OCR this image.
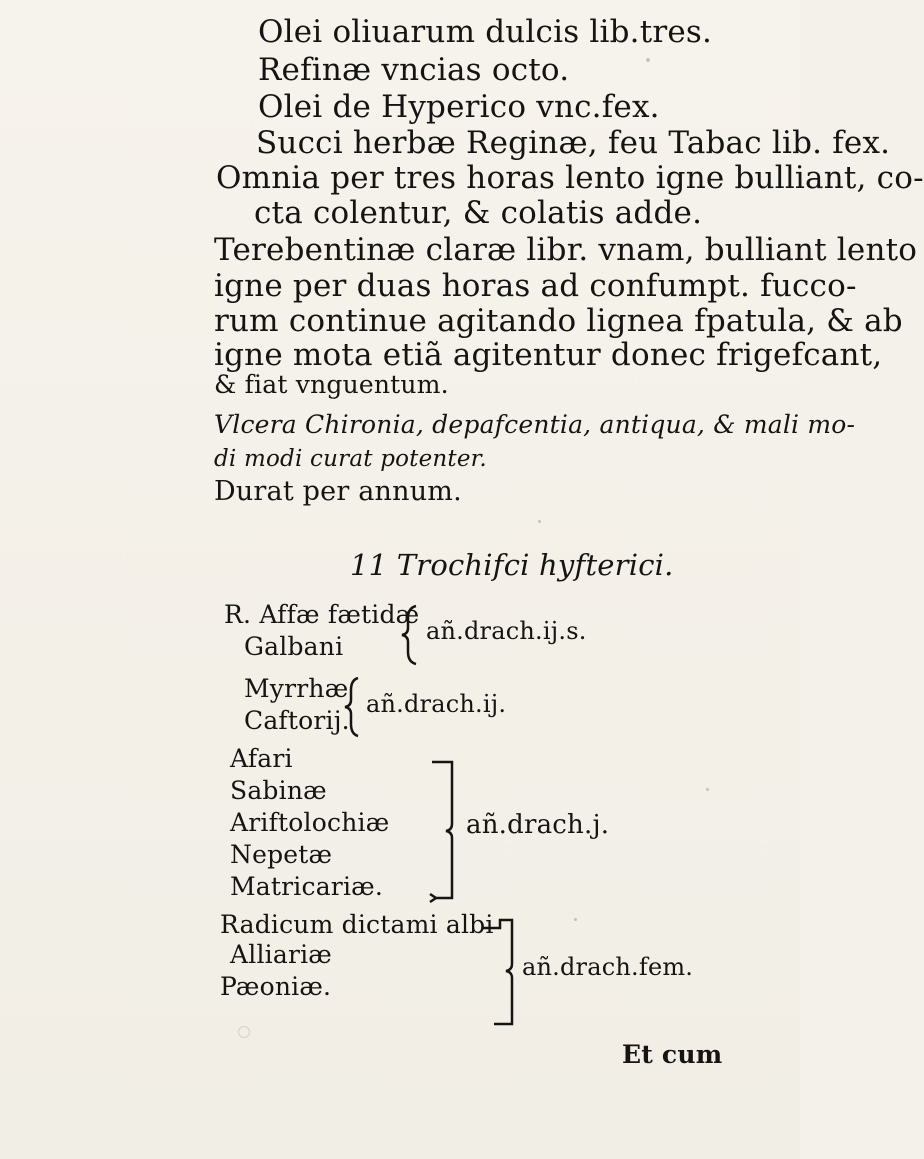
Olei oliuarum dulcis lib.tres.
Refinæ vncias octo.
Olei de Hyperico vnc.fex.
Succi herbæ Reginæ, feu Tabac lib. fex.
Omnia per tres horas lento igne bulliant, co-
cta colentur, & colatis adde.
Terebentinæ claræ libr. vnam, bulliant lento
igne per duas horas ad confumpt. fucco-
rum continue agitando lignea fpatula, & ab
igne mota etiã agitentur donec frigefcant,
& fiat vnguentum.
Vlcera Chironia, depafcentia, antiqua, & mali mo-
di modi curat potenter.
Durat per annum.
11 Trochifci hyfterici.
R. Affæ fætidæ
Galbani
añ.drach.ij.s.
Myrrhæ
Caftorij.
añ.drach.ij.
Afari
Sabinæ
Ariftolochiæ
Nepetæ
Matricariæ.
añ.drach.j.
Radicum dictami albi
Alliariæ
Pæoniæ.
añ.drach.fem.
Et cum
